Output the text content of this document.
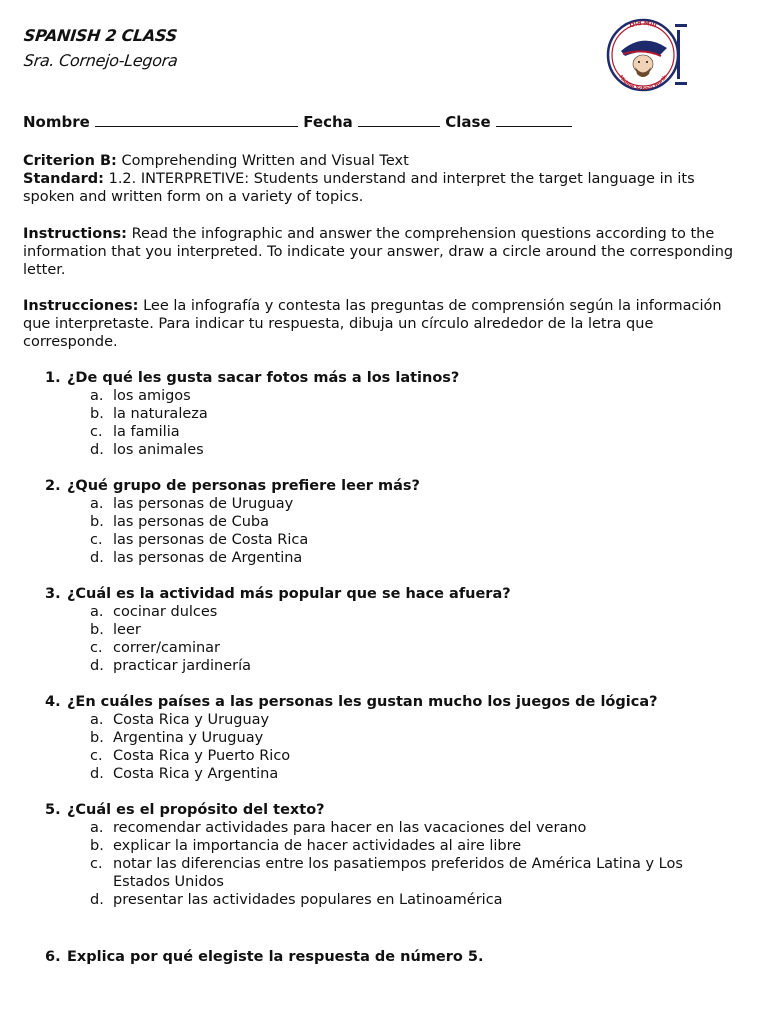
SPANISH 2 CLASS
Sra. Cornejo-Legora
Old Mill
Middle School North
Nombre	Fecha	Clase
Criterion B: Comprehending Written and Visual Text
Standard: 1.2. INTERPRETIVE: Students understand and interpret the target language in its spoken and written form on a variety of topics.
Instructions: Read the infographic and answer the comprehension questions according to the information that you interpreted. To indicate your answer, draw a circle around the corresponding letter.
Instrucciones: Lee la infografía y contesta las preguntas de comprensión según la información que interpretaste. Para indicar tu respuesta, dibuja un círculo alrededor de la letra que corresponde.
1. ¿De qué les gusta sacar fotos más a los latinos?
a. los amigos
b. la naturaleza
c. la familia
d. los animales
2. ¿Qué grupo de personas prefiere leer más?
a. las personas de Uruguay
b. las personas de Cuba
c. las personas de Costa Rica
d. las personas de Argentina
3. ¿Cuál es la actividad más popular que se hace afuera?
a. cocinar dulces
b. leer
c. correr/caminar
d. practicar jardinería
4. ¿En cuáles países a las personas les gustan mucho los juegos de lógica?
a. Costa Rica y Uruguay
b. Argentina y Uruguay
c. Costa Rica y Puerto Rico
d. Costa Rica y Argentina
5. ¿Cuál es el propósito del texto?
a. recomendar actividades para hacer en las vacaciones del verano
b. explicar la importancia de hacer actividades al aire libre
c. notar las diferencias entre los pasatiempos preferidos de América Latina y Los Estados Unidos
d. presentar las actividades populares en Latinoamérica
6. Explica por qué elegiste la respuesta de número 5.
